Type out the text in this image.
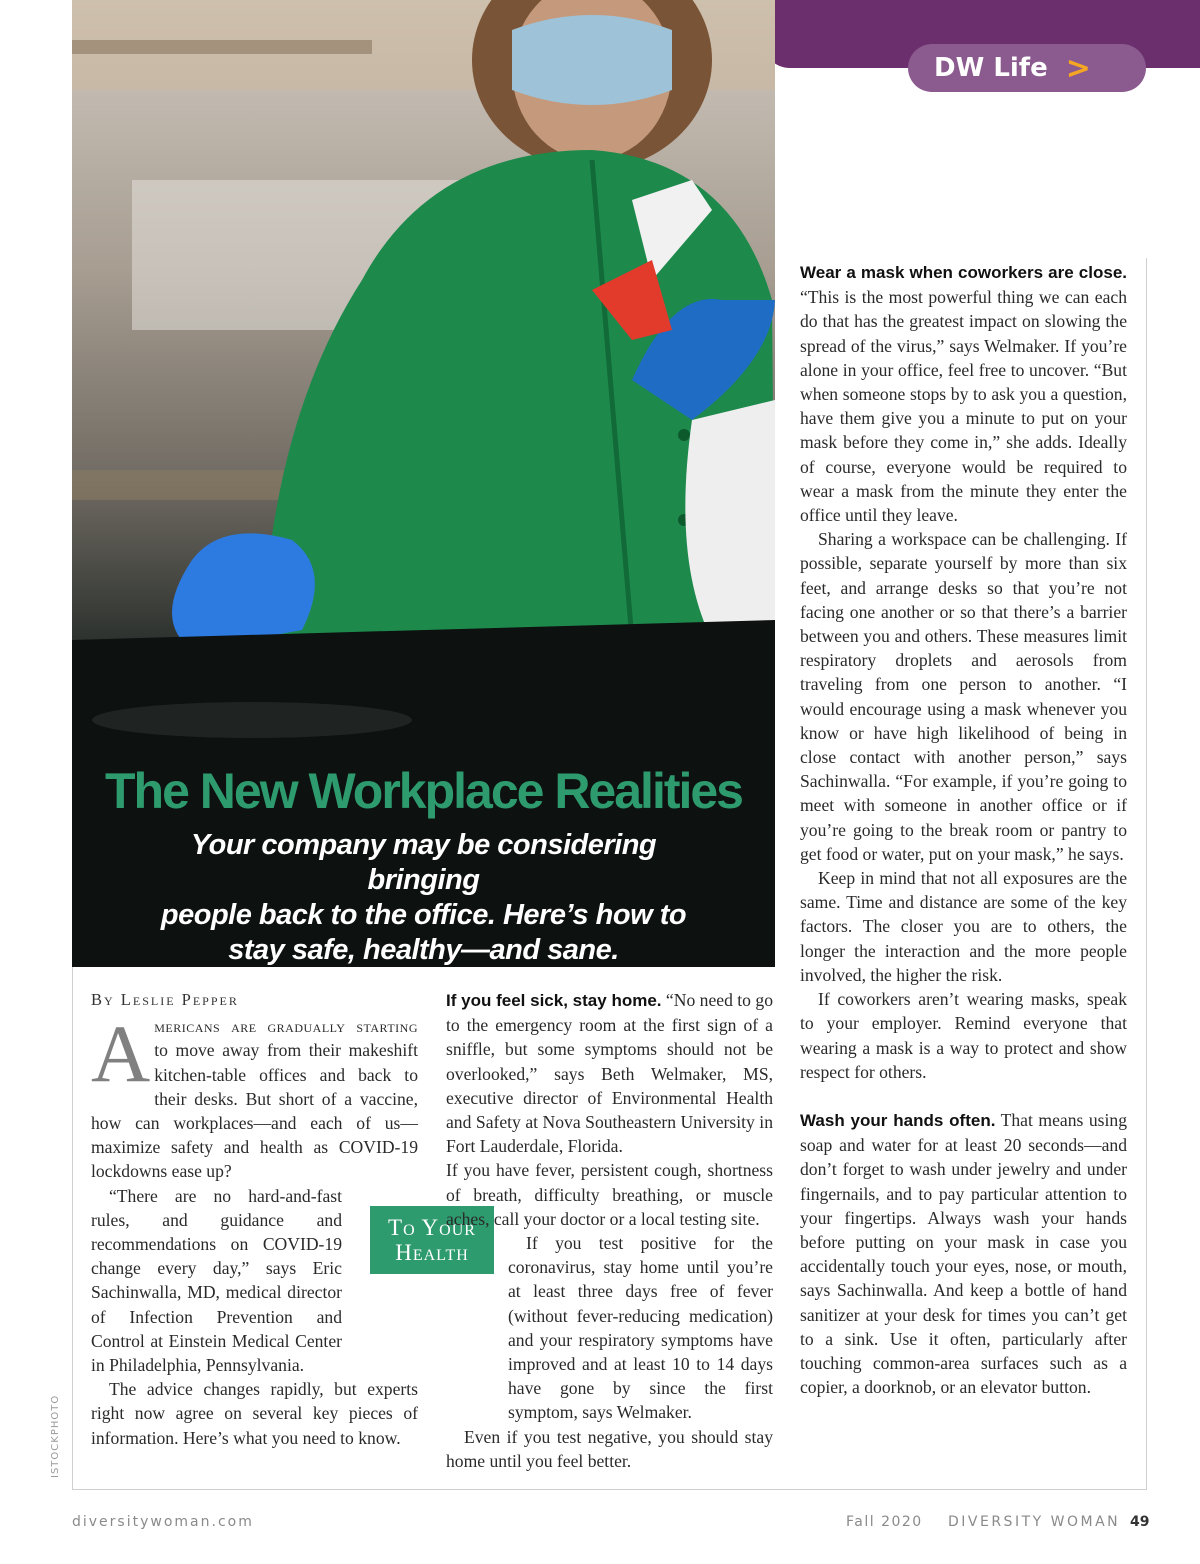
DW Life >
The New Workplace Realities
Your company may be considering bringing
people back to the office. Here’s how to
stay safe, healthy—and sane.
ISTOCKPHOTO
By Leslie Pepper

Americans are gradually starting to move away from their makeshift kitchen-table offices and back to their desks. But short of a vaccine, how can workplaces—and each of us—maximize safety and health as COVID-19 lockdowns ease up?

“There are no hard-and-fast rules, and guidance and recommendations on COVID-19 change every day,” says Eric Sachinwalla, MD, medical director of Infection Prevention and Control at Einstein Medical Center in Philadelphia, Pennsylvania.

The advice changes rapidly, but experts right now agree on several key pieces of information. Here’s what you need to know.

To Your
Health

If you feel sick, stay home. “No need to go to the emergency room at the first sign of a sniffle, but some symptoms should not be overlooked,” says Beth Welmaker, MS, executive director of Environmental Health and Safety at Nova Southeastern University in Fort Lauderdale, Florida.

If you have fever, persistent cough, shortness of breath, difficulty breathing, or muscle aches, call your doctor or a local testing site.

If you test positive for the coronavirus, stay home until you’re at least three days free of fever (without fever-reducing medication) and your respiratory symptoms have improved and at least 10 to 14 days have gone by since the first symptom, says Welmaker.

Even if you test negative, you should stay home until you feel better.

Wear a mask when coworkers are close. “This is the most powerful thing we can each do that has the greatest impact on slowing the spread of the virus,” says Welmaker. If you’re alone in your office, feel free to uncover. “But when someone stops by to ask you a question, have them give you a minute to put on your mask before they come in,” she adds. Ideally of course, everyone would be required to wear a mask from the minute they enter the office until they leave.

Sharing a workspace can be challenging. If possible, separate yourself by more than six feet, and arrange desks so that you’re not facing one another or so that there’s a barrier between you and others. These measures limit respiratory droplets and aerosols from traveling from one person to another. “I would encourage using a mask whenever you know or have high likelihood of being in close contact with another person,” says Sachinwalla. “For example, if you’re going to meet with someone in another office or if you’re going to the break room or pantry to get food or water, put on your mask,” he says.

Keep in mind that not all exposures are the same. Time and distance are some of the key factors. The closer you are to others, the longer the interaction and the more people involved, the higher the risk.

If coworkers aren’t wearing masks, speak to your employer. Remind everyone that wearing a mask is a way to protect and show respect for others.

Wash your hands often. That means using soap and water for at least 20 seconds—and don’t forget to wash under jewelry and under fingernails, and to pay particular attention to your fingertips. Always wash your hands before putting on your mask in case you accidentally touch your eyes, nose, or mouth, says Sachinwalla. And keep a bottle of hand sanitizer at your desk for times you can’t get to a sink. Use it often, particularly after touching common-area surfaces such as a copier, a doorknob, or an elevator button.

diversitywoman.com	Fall 2020 DIVERSITY WOMAN 49
